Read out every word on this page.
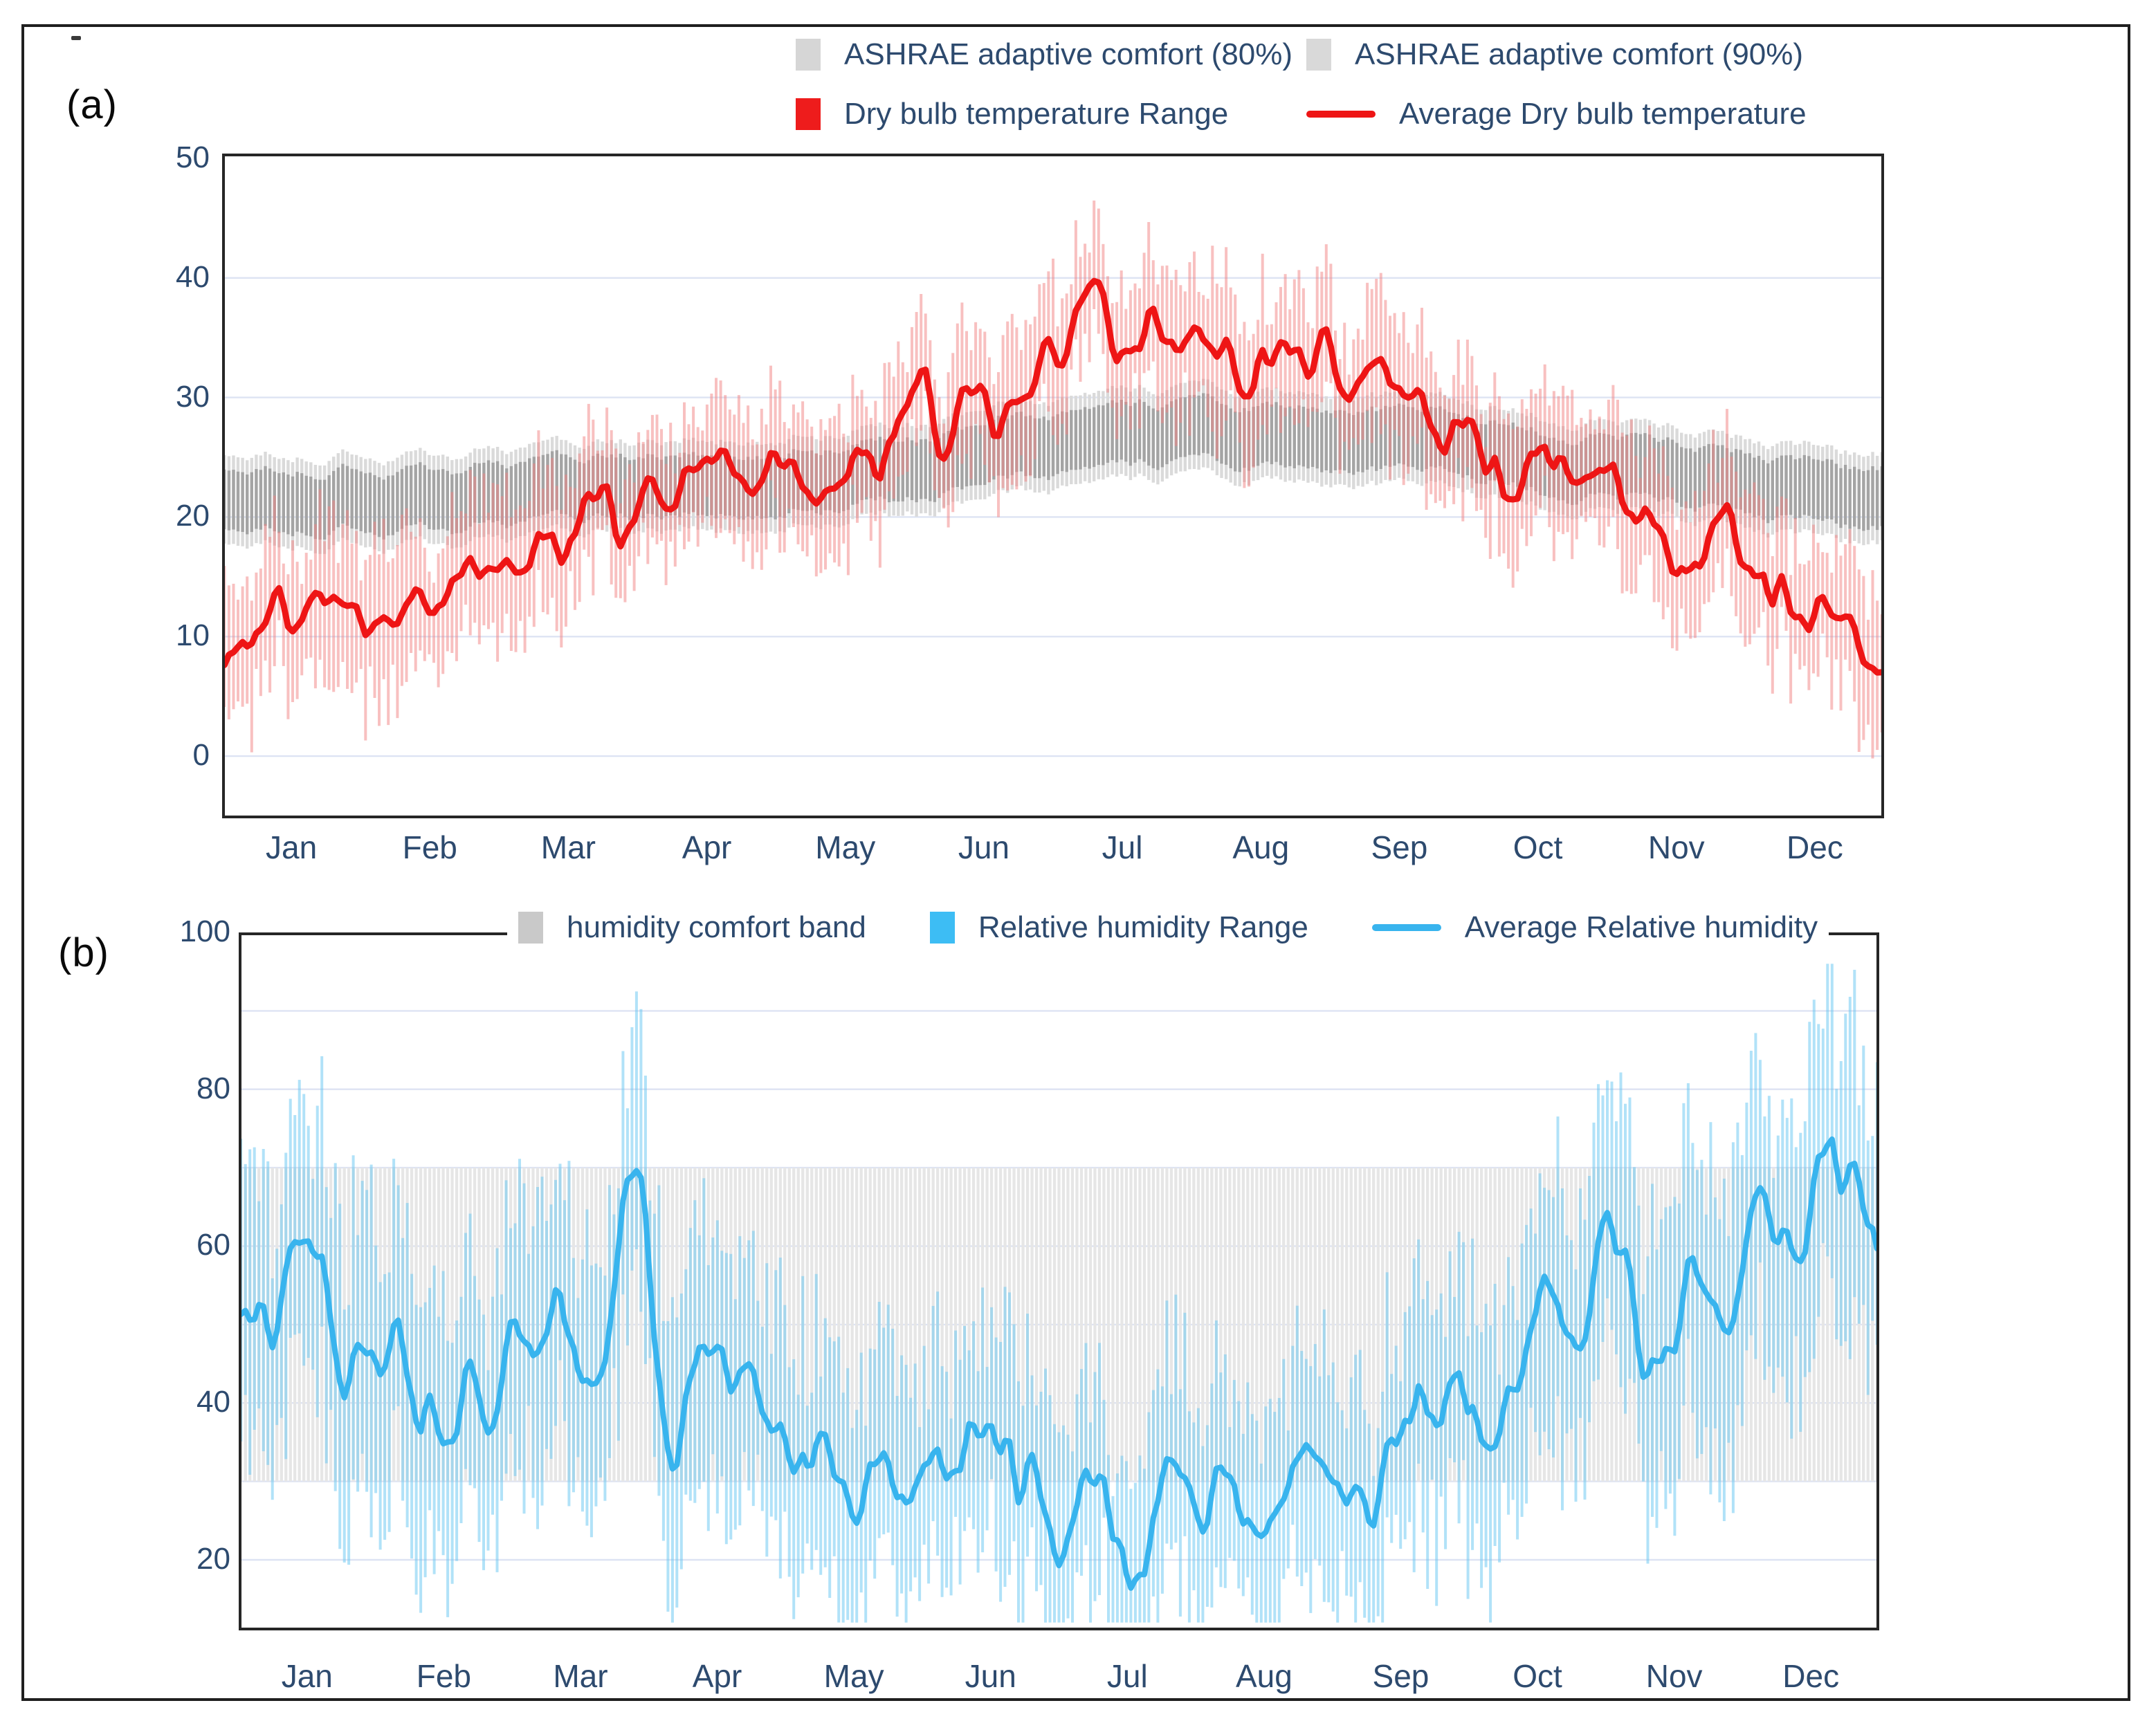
(a)
(b)
ASHRAE adaptive comfort (80%) ASHRAE adaptive comfort (90%)
Dry bulb temperature Range	Average Dry bulb temperature
humidity comfort band	Relative humidity Range	Average Relative humidity
0
10
20
30
40
50
Jan	Feb	Mar	Apr	May	Jun	Jul	Aug	Sep	Oct	Nov	Dec
20
40
60
80
100
Jan	Feb	Mar	Apr	May	Jun	Jul	Aug	Sep	Oct	Nov	Dec
